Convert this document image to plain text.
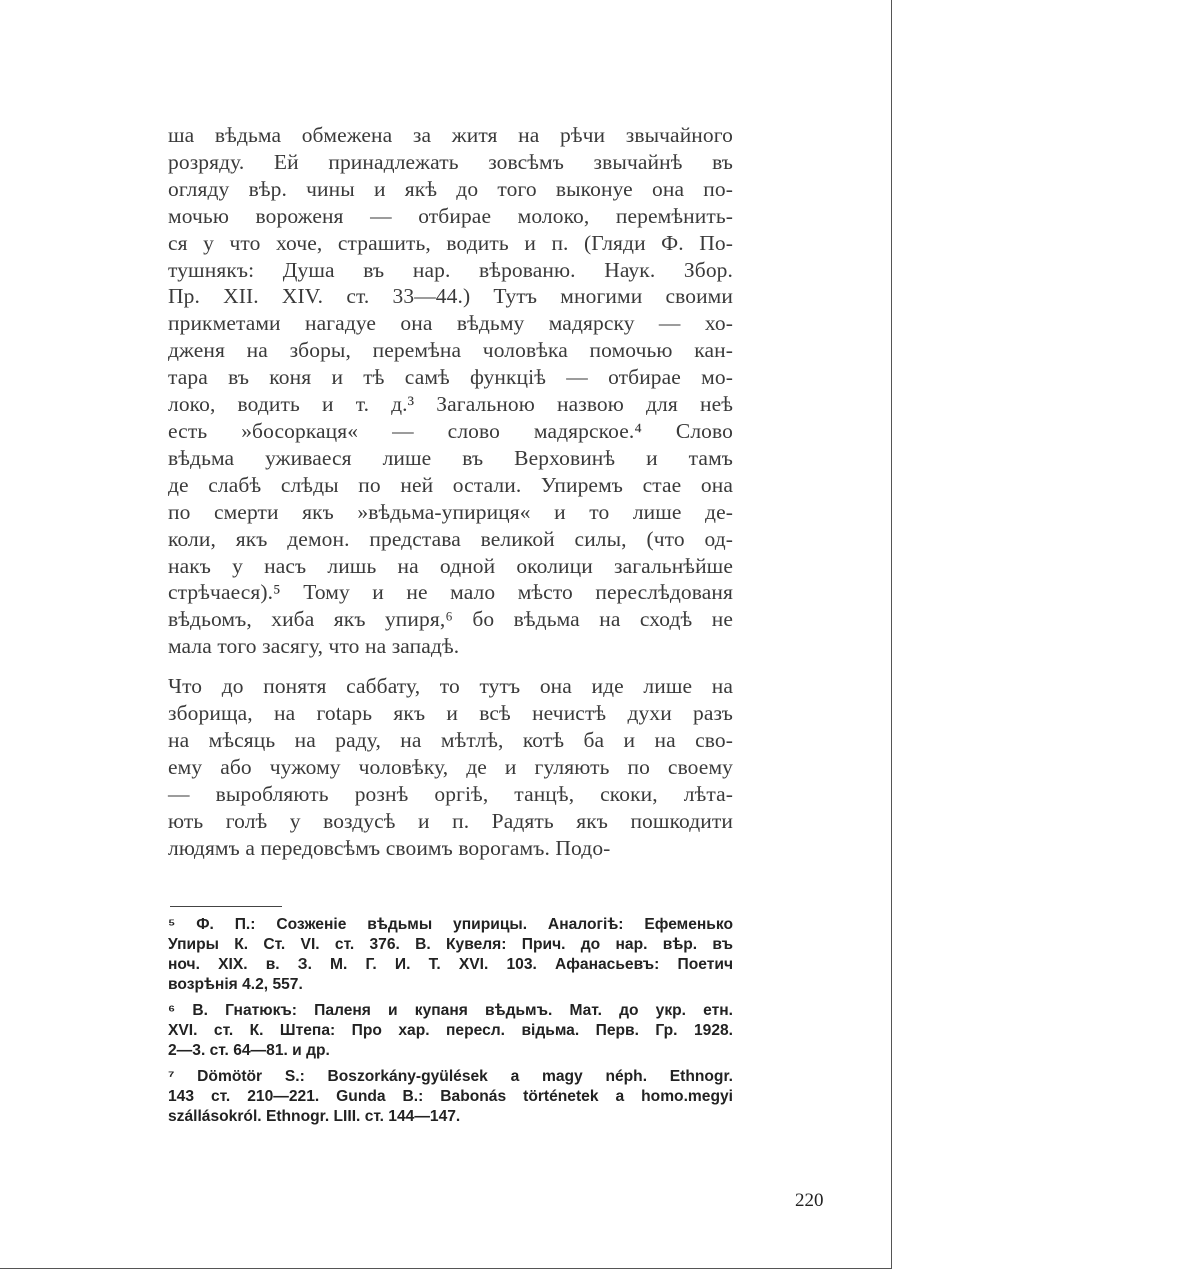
ша вѣдьма обмежена за житя на рѣчи звычайного
розряду. Ей принадлежать зовсѣмъ звычайнѣ въ
огляду вѣр. чины и якѣ до того выконуе она по-
мочью вороженя — отбирае молоко, перемѣнить-
ся у что хоче, страшить, водить и п. (Гляди Ф. По-
тушнякъ: Душа въ нар. вѣрованю. Наук. Збор.
Пр. XII. XIV. ст. 33—44.) Тутъ многими своими
прикметами нагадуе она вѣдьму мадярску — хо-
дженя на зборы, перемѣна чоловѣка помочью кан-
тара въ коня и тѣ самѣ функцiѣ — отбирае мо-
локо, водить и т. д.³ Загальною назвою для неѣ
есть »босоркаця« — слово мадярское.⁴ Слово
вѣдьма уживаеся лише въ Верховинѣ и тамъ
де слабѣ слѣды по ней остали. Упиремъ стае она
по смерти якъ »вѣдьма-упириця« и то лише де-
коли, якъ демон. представа великой силы, (что од-
накъ у насъ лишь на одной околици загальнѣйше
стрѣчаеся).⁵ Тому и не мало мѣсто переслѣдованя
вѣдьомъ, хиба якъ упиря,⁶ бо вѣдьма на сходѣ не
мала того засягу, что на западѣ.
Что до понятя саббату, то тутъ она иде лише на
зборища, на гоtарь якъ и всѣ нечистѣ духи разъ
на мѣсяць на раду, на мѣтлѣ, котѣ ба и на сво-
ему або чужому чоловѣку, де и гуляють по своему
— выробляють рознѣ оргiѣ, танцѣ, скоки, лѣта-
ють голѣ у воздусѣ и п. Радять якъ пошкодити
людямъ а передовсѣмъ своимъ ворогамъ. Подо-
⁵ Ф. П.: Созженiе вѣдьмы упирицы. Аналогiѣ: Ефеменько
Упиры К. Ст. VI. ст. 376. В. Кувеля: Прич. до нар. вѣр. въ
ноч. XIX. в. З. М. Г. И. Т. XVI. 103. Афанасьевъ: Поетич
возрѣнiя 4.2, 557.
⁶ В. Гнатюкъ: Паленя и купаня вѣдьмъ. Мат. до укр. етн.
XVI. ст. К. Штепа: Про хар. пересл. вiдьма. Перв. Гр. 1928.
2—3. ст. 64—81. и др.
⁷ Dömötör S.: Boszorkány-gyülések a magy néph. Ethnogr.
143 ст. 210—221. Gunda B.: Babonás történetek a homo.megyi
szállásokról. Ethnogr. LIII. ст. 144—147.
220
